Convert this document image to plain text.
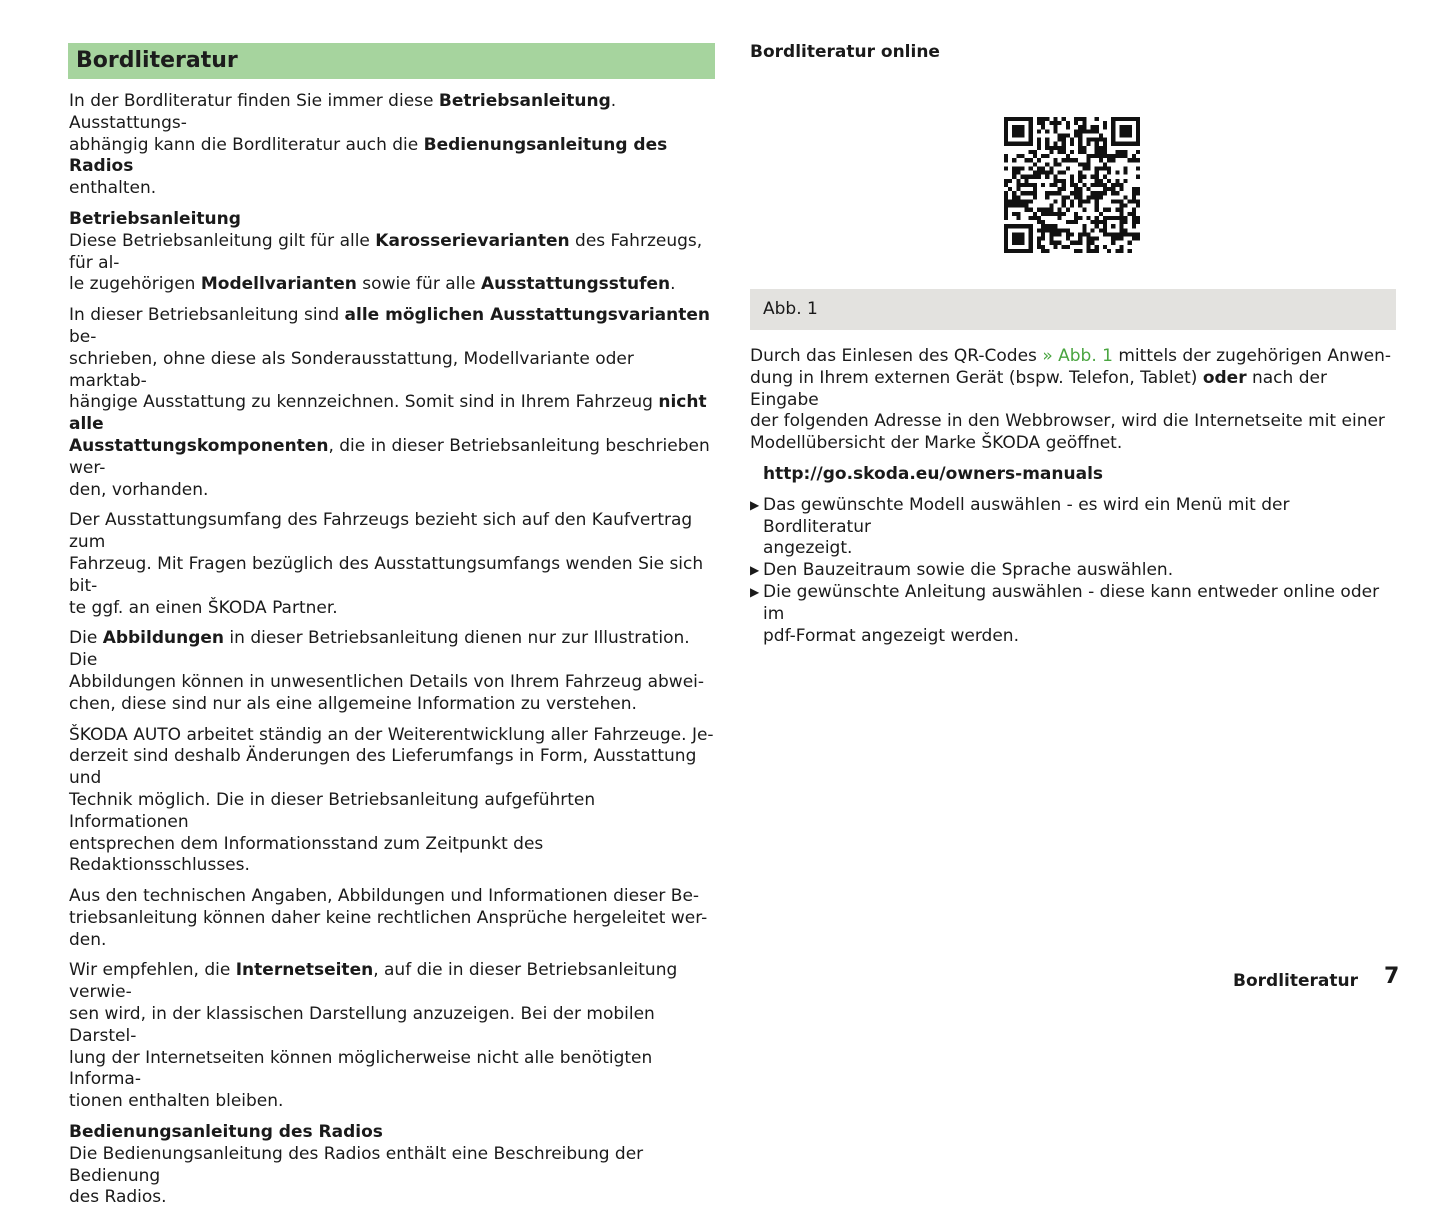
Bordliteratur

In der Bordliteratur finden Sie immer diese Betriebsanleitung. Ausstattungs-
abhängig kann die Bordliteratur auch die Bedienungsanleitung des Radios
enthalten.

Betriebsanleitung
Diese Betriebsanleitung gilt für alle Karosserievarianten des Fahrzeugs, für al-
le zugehörigen Modellvarianten sowie für alle Ausstattungsstufen.

In dieser Betriebsanleitung sind alle möglichen Ausstattungsvarianten be-
schrieben, ohne diese als Sonderausstattung, Modellvariante oder marktab-
hängige Ausstattung zu kennzeichnen. Somit sind in Ihrem Fahrzeug nicht alle
Ausstattungskomponenten, die in dieser Betriebsanleitung beschrieben wer-
den, vorhanden.

Der Ausstattungsumfang des Fahrzeugs bezieht sich auf den Kaufvertrag zum
Fahrzeug. Mit Fragen bezüglich des Ausstattungsumfangs wenden Sie sich bit-
te ggf. an einen ŠKODA Partner.

Die Abbildungen in dieser Betriebsanleitung dienen nur zur Illustration. Die
Abbildungen können in unwesentlichen Details von Ihrem Fahrzeug abwei-
chen, diese sind nur als eine allgemeine Information zu verstehen.

ŠKODA AUTO arbeitet ständig an der Weiterentwicklung aller Fahrzeuge. Je-
derzeit sind deshalb Änderungen des Lieferumfangs in Form, Ausstattung und
Technik möglich. Die in dieser Betriebsanleitung aufgeführten Informationen
entsprechen dem Informationsstand zum Zeitpunkt des Redaktionsschlusses.

Aus den technischen Angaben, Abbildungen und Informationen dieser Be-
triebsanleitung können daher keine rechtlichen Ansprüche hergeleitet wer-
den.

Wir empfehlen, die Internetseiten, auf die in dieser Betriebsanleitung verwie-
sen wird, in der klassischen Darstellung anzuzeigen. Bei der mobilen Darstel-
lung der Internetseiten können möglicherweise nicht alle benötigten Informa-
tionen enthalten bleiben.

Bedienungsanleitung des Radios
Die Bedienungsanleitung des Radios enthält eine Beschreibung der Bedienung
des Radios.

Bordliteratur online

Abb. 1

Durch das Einlesen des QR-Codes » Abb. 1 mittels der zugehörigen Anwen-
dung in Ihrem externen Gerät (bspw. Telefon, Tablet) oder nach der Eingabe
der folgenden Adresse in den Webbrowser, wird die Internetseite mit einer
Modellübersicht der Marke ŠKODA geöffnet.

http://go.skoda.eu/owners-manuals

▶ Das gewünschte Modell auswählen - es wird ein Menü mit der Bordliteratur
angezeigt.
▶ Den Bauzeitraum sowie die Sprache auswählen.
▶ Die gewünschte Anleitung auswählen - diese kann entweder online oder im
pdf-Format angezeigt werden.
Bordliteratur 7
